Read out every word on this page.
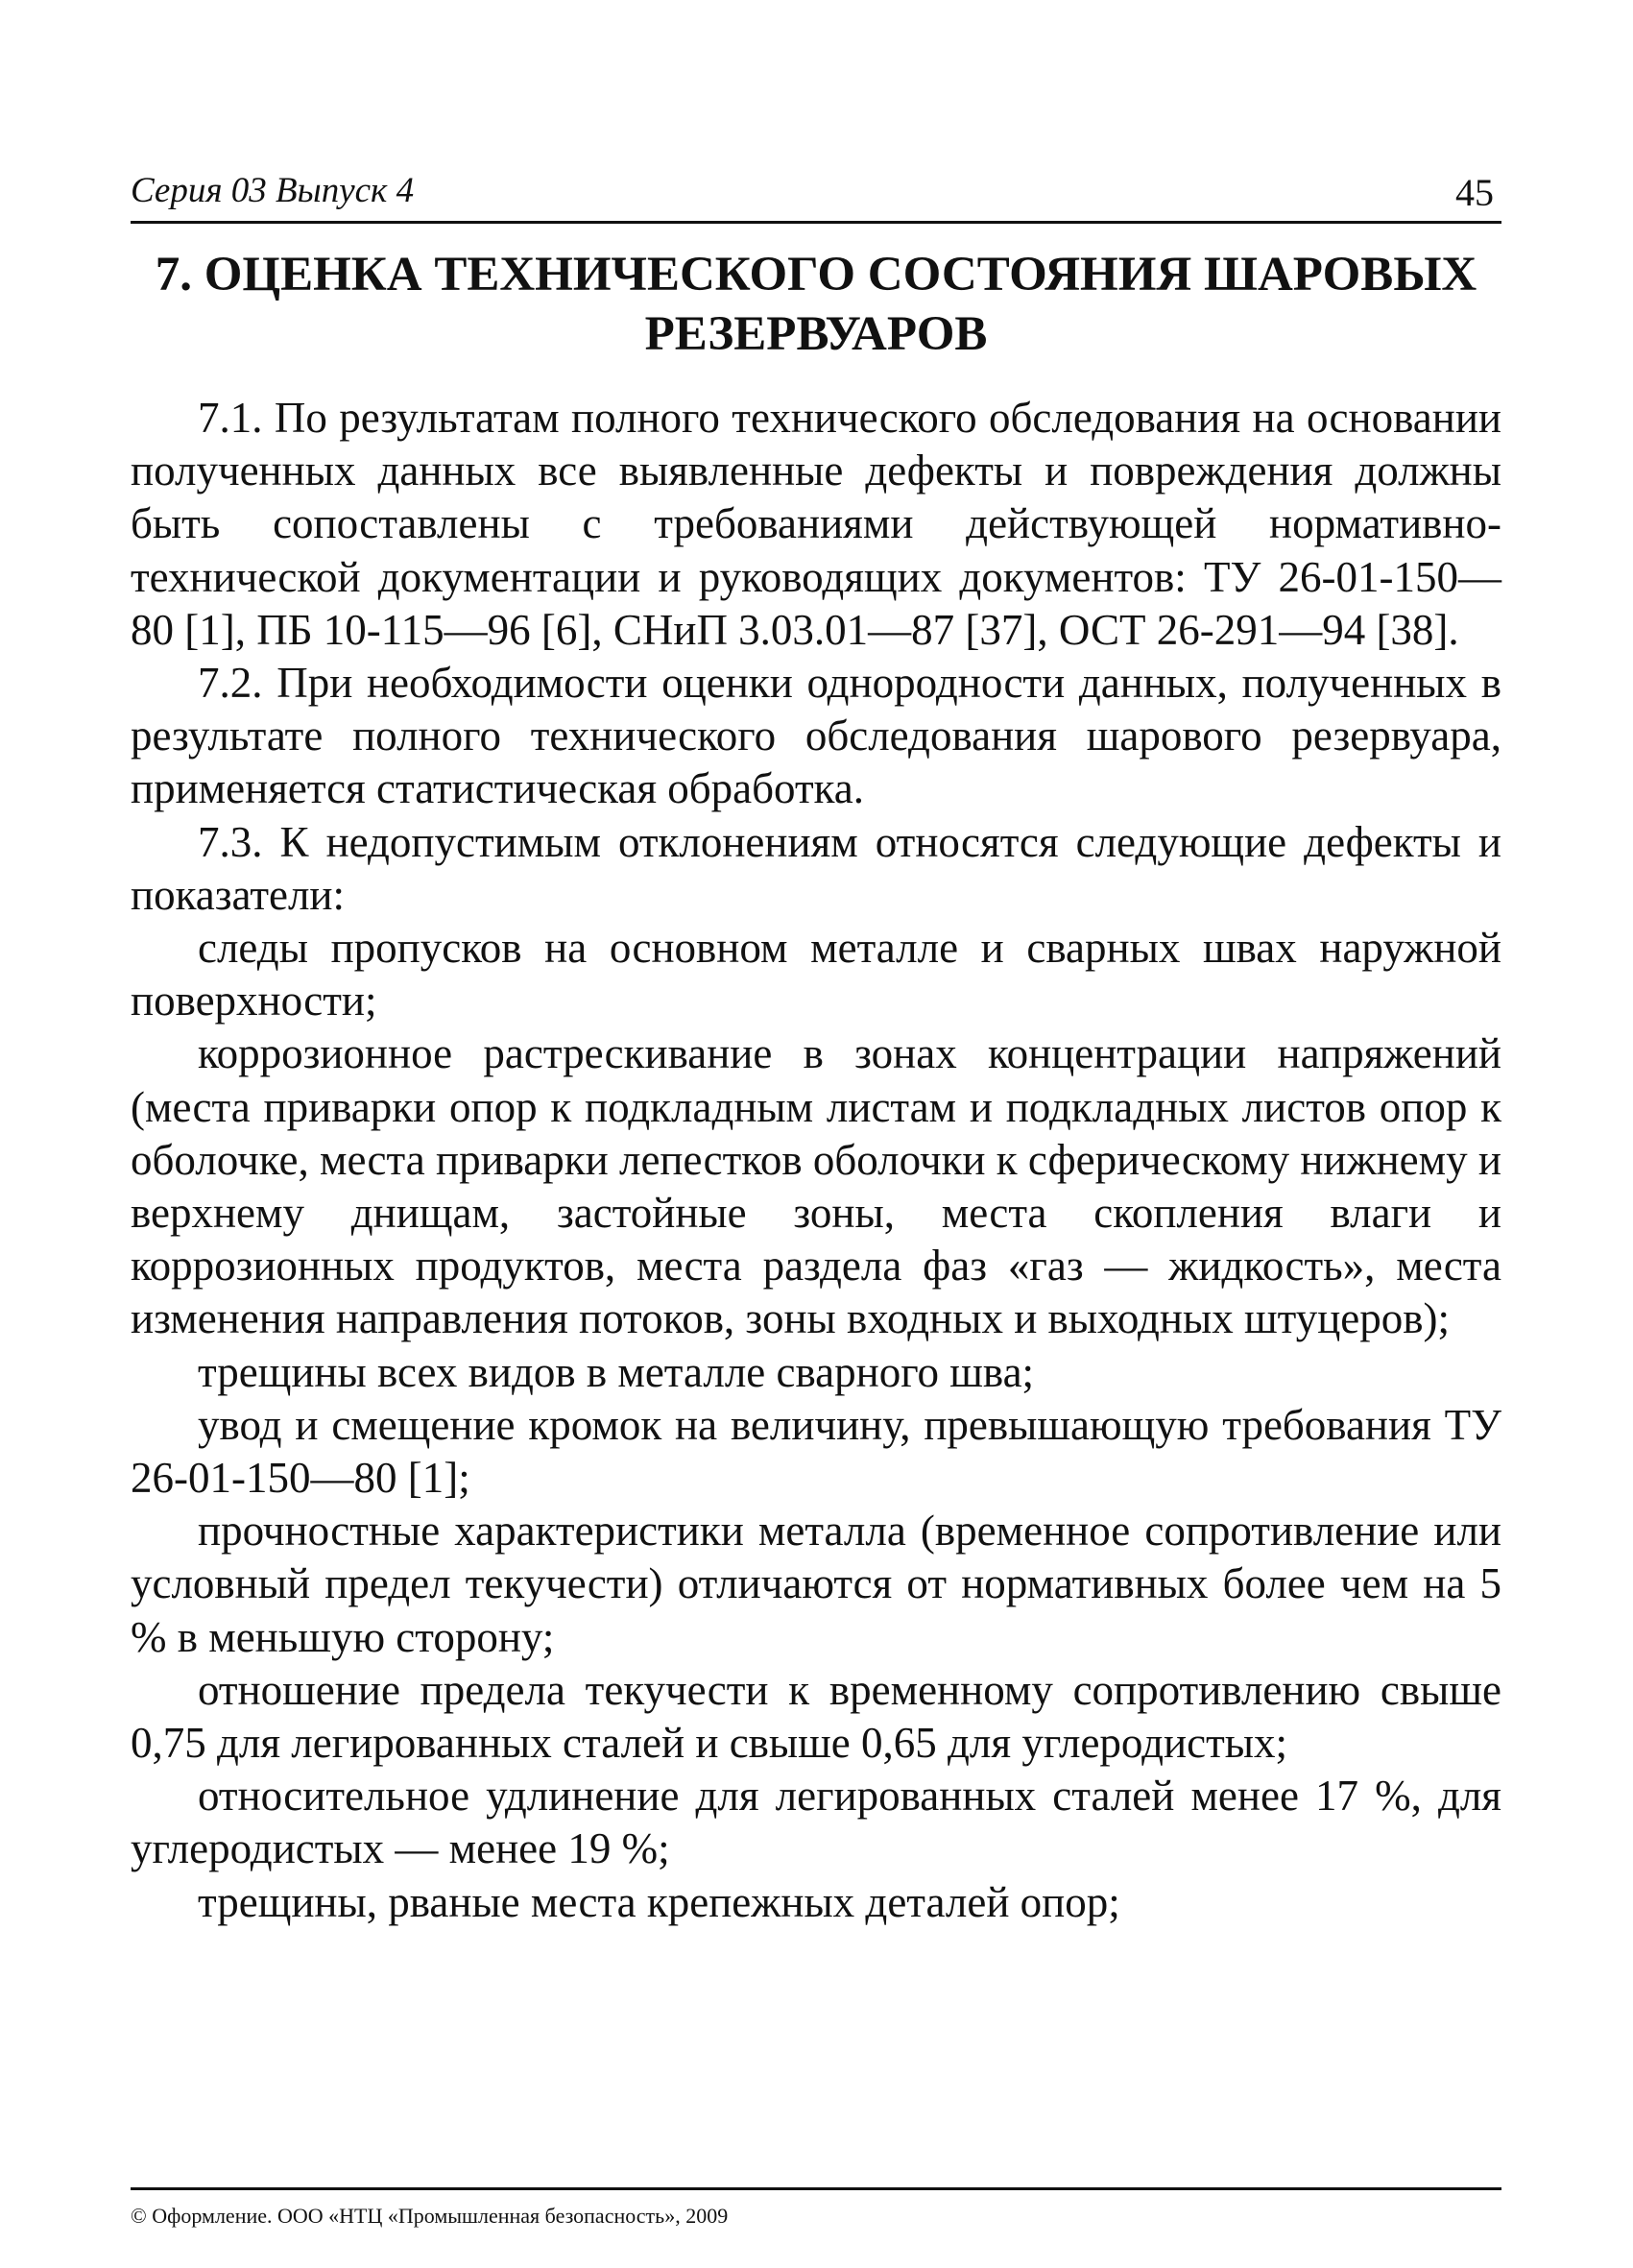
Серия 03 Выпуск 4	45
7. ОЦЕНКА ТЕХНИЧЕСКОГО СОСТОЯНИЯ ШАРОВЫХ
РЕЗЕРВУАРОВ

7.1. По результатам полного технического обследования на основании полученных данных все выявленные дефекты и повреждения должны быть сопоставлены с требованиями действующей нормативно-технической документации и руководящих документов: ТУ 26-01-150—80 [1], ПБ 10-115—96 [6], СНиП 3.03.01—87 [37], ОСТ 26-291—94 [38].

7.2. При необходимости оценки однородности данных, полученных в результате полного технического обследования шарового резервуара, применяется статистическая обработка.

7.3. К недопустимым отклонениям относятся следующие дефекты и показатели:

следы пропусков на основном металле и сварных швах наружной поверхности;

коррозионное растрескивание в зонах концентрации напряжений (места приварки опор к подкладным листам и подкладных листов опор к оболочке, места приварки лепестков оболочки к сферическому нижнему и верхнему днищам, застойные зоны, места скопления влаги и коррозионных продуктов, места раздела фаз «газ — жидкость», места изменения направления потоков, зоны входных и выходных штуцеров);

трещины всех видов в металле сварного шва;

увод и смещение кромок на величину, превышающую требования ТУ 26-01-150—80 [1];

прочностные характеристики металла (временное сопротивление или условный предел текучести) отличаются от нормативных более чем на 5 % в меньшую сторону;

отношение предела текучести к временному сопротивлению свыше 0,75 для легированных сталей и свыше 0,65 для углеродистых;

относительное удлинение для легированных сталей менее 17 %, для углеродистых — менее 19 %;

трещины, рваные места крепежных деталей опор;

© Оформление. ООО «НТЦ «Промышленная безопасность», 2009
